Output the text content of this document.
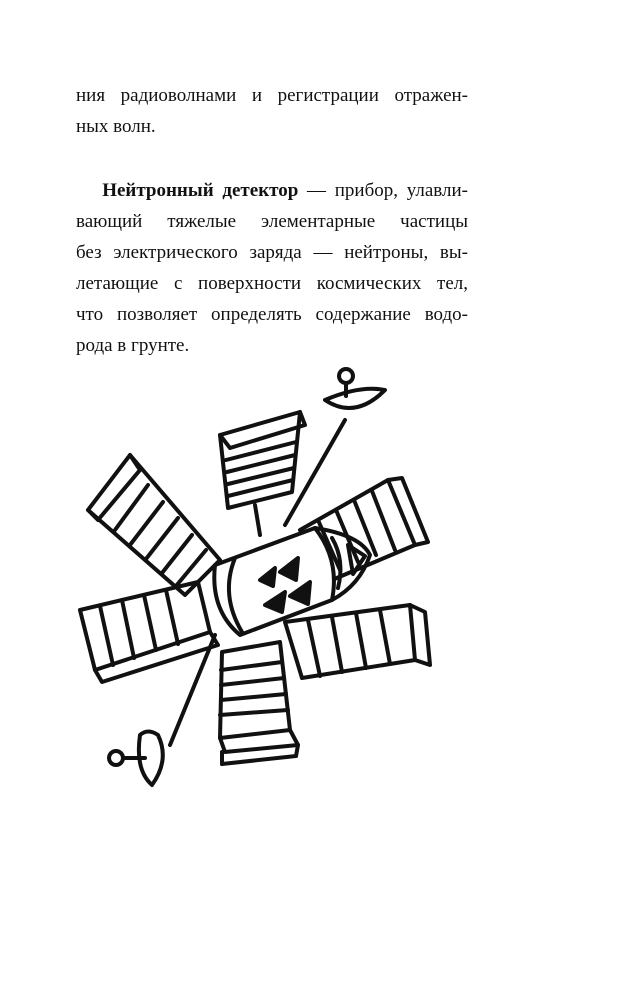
ния радиоволнами и регистрации отражен-
ных волн.
Нейтронный детектор — прибор, улавли-
вающий тяжелые элементарные частицы
без электрического заряда — нейтроны, вы-
летающие с поверхности космических тел,
что позволяет определять содержание водо-
рода в грунте.
